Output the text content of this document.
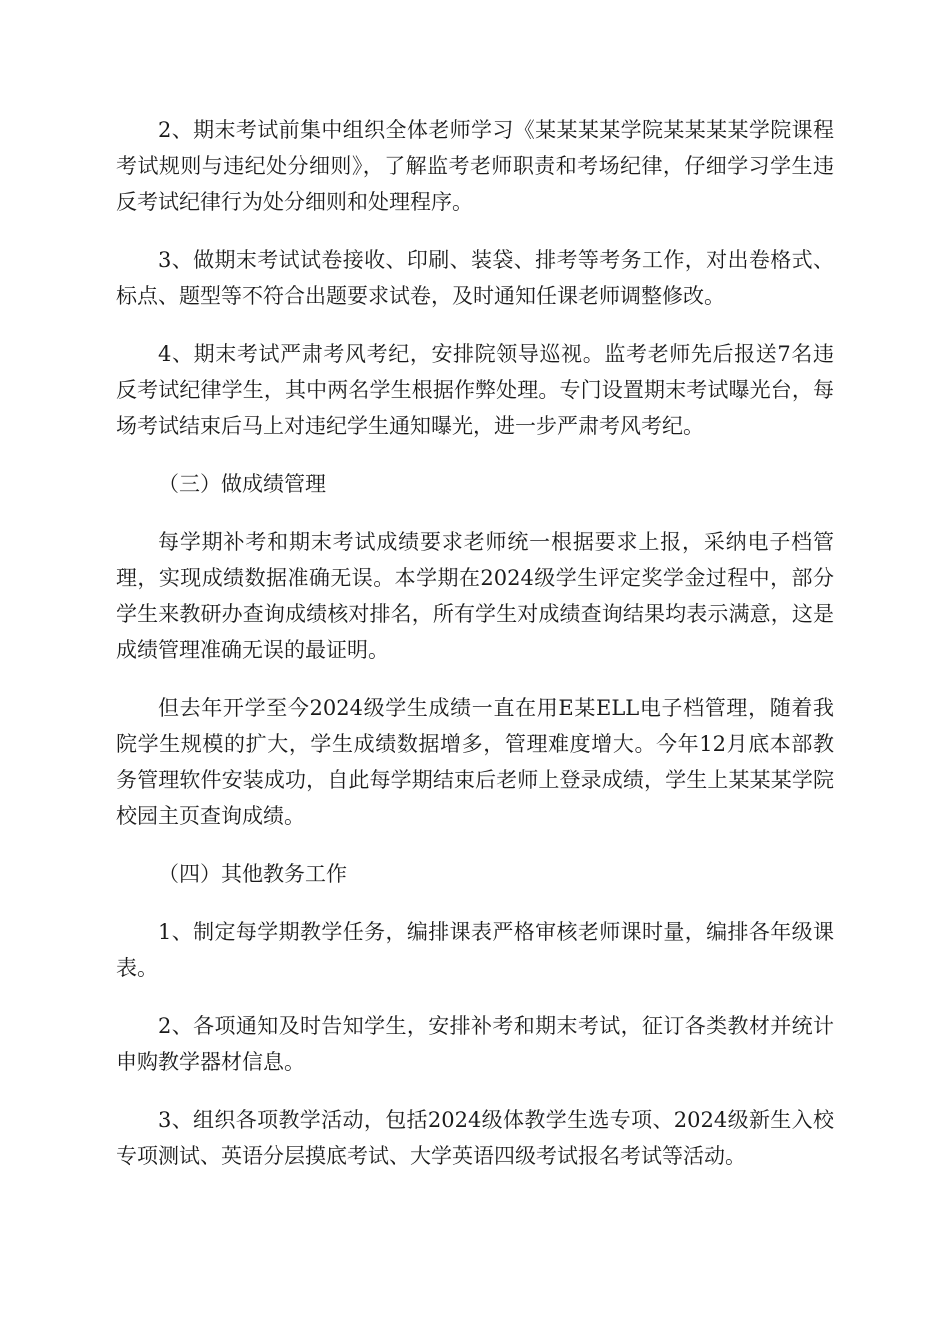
2、期末考试前集中组织全体老师学习《某某某某学院某某某某学院课程考试规则与违纪处分细则》，了解监考老师职责和考场纪律，仔细学习学生违反考试纪律行为处分细则和处理程序。

3、做期末考试试卷接收、印刷、装袋、排考等考务工作，对出卷格式、标点、题型等不符合出题要求试卷，及时通知任课老师调整修改。

4、期末考试严肃考风考纪，安排院领导巡视。监考老师先后报送7名违反考试纪律学生，其中两名学生根据作弊处理。专门设置期末考试曝光台，每场考试结束后马上对违纪学生通知曝光，进一步严肃考风考纪。

（三）做成绩管理

每学期补考和期末考试成绩要求老师统一根据要求上报，采纳电子档管理，实现成绩数据准确无误。本学期在2024级学生评定奖学金过程中，部分学生来教研办查询成绩核对排名，所有学生对成绩查询结果均表示满意，这是成绩管理准确无误的最证明。

但去年开学至今2024级学生成绩一直在用E某ELL电子档管理，随着我院学生规模的扩大，学生成绩数据增多，管理难度增大。今年12月底本部教务管理软件安装成功，自此每学期结束后老师上登录成绩，学生上某某某学院校园主页查询成绩。

（四）其他教务工作

1、制定每学期教学任务，编排课表严格审核老师课时量，编排各年级课表。

2、各项通知及时告知学生，安排补考和期末考试，征订各类教材并统计申购教学器材信息。

3、组织各项教学活动，包括2024级体教学生选专项、2024级新生入校专项测试、英语分层摸底考试、大学英语四级考试报名考试等活动。
